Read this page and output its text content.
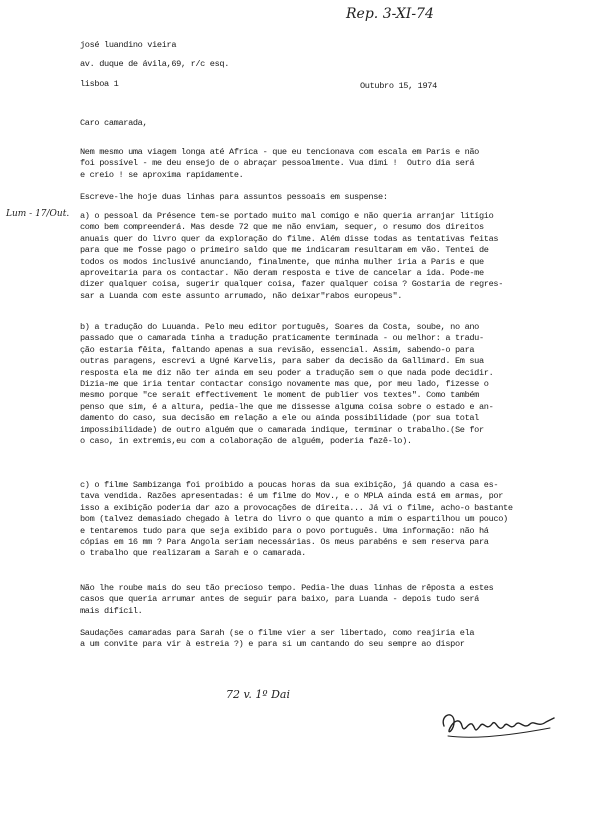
Rep. 3-XI-74
josé luandino vieira
av. duque de ávila,69, r/c esq.
lisboa 1	Outubro 15, 1974
Caro camarada,
Nem mesmo uma viagem longa até Africa - que eu tencionava com escala em Paris e não
foi possível - me deu ensejo de o abraçar pessoalmente. Vua dimi !  Outro dia será
e creio ! se aproxima rapidamente.
Escreve-lhe hoje duas linhas para assuntos pessoais em suspense:
Lum - 17/Out. a) o pessoal da Présence tem-se portado muito mal comigo e não queria arranjar litígio
como bem compreenderá. Mas desde 72 que me não enviam, sequer, o resumo dos direitos
anuais quer do livro quer da exploração do filme. Além disse todas as tentativas feitas
para que me fosse pago o primeiro saldo que me indicaram resultaram em vão. Tentei de
todos os modos inclusivé anunciando, finalmente, que minha mulher iria a Paris e que
aproveitaria para os contactar. Não deram resposta e tive de cancelar a ida. Pode-me
dizer qualquer coisa, sugerir qualquer coisa, fazer qualquer coisa ? Gostaria de regres-
sar a Luanda com este assunto arrumado, não deixar"rabos europeus".
b) a tradução do Luuanda. Pelo meu editor português, Soares da Costa, soube, no ano
passado que o camarada tinha a tradução praticamente terminada - ou melhor: a tradu-
ção estaria fêita, faltando apenas a sua revisão, essencial. Assim, sabendo-o para
outras paragens, escrevi a Ugné Karvelis, para saber da decisão da Gallimard. Em sua
resposta ela me diz não ter ainda em seu poder a tradução sem o que nada pode decidir.
Dizia-me que iria tentar contactar consigo novamente mas que, por meu lado, fizesse o
mesmo porque "ce serait effectivement le moment de publier vos textes". Como também
penso que sim, é a altura, pedia-lhe que me dissesse alguma coisa sobre o estado e an-
damento do caso, sua decisão em relação a ele ou ainda possibilidade (por sua total
impossibilidade) de outro alguém que o camarada indique, terminar o trabalho.(Se for
o caso, in extremis,eu com a colaboração de alguém, poderia fazê-lo).
c) o filme Sambizanga foi proibido a poucas horas da sua exibição, já quando a casa es-
tava vendida. Razões apresentadas: é um filme do Mov., e o MPLA ainda está em armas, por
isso a exibição poderia dar azo a provocações de direita... Já vi o filme, acho-o bastante
bom (talvez demasiado chegado à letra do livro o que quanto a mim o espartilhou um pouco)
e tentaremos tudo para que seja exibido para o povo português. Uma informação: não há
cópias em 16 mm ? Para Angola seriam necessárias. Os meus parabéns e sem reserva para
o trabalho que realizaram a Sarah e o camarada.
Não lhe roube mais do seu tão precioso tempo. Pedia-lhe duas linhas de rêposta a estes
casos que queria arrumar antes de seguir para baixo, para Luanda - depois tudo será
mais difícil.
Saudações camaradas para Sarah (se o filme vier a ser libertado, como reajiria ela
a um convite para vir à estreia ?) e para si um cantando do seu sempre ao dispor
72 v. 1º Dai
